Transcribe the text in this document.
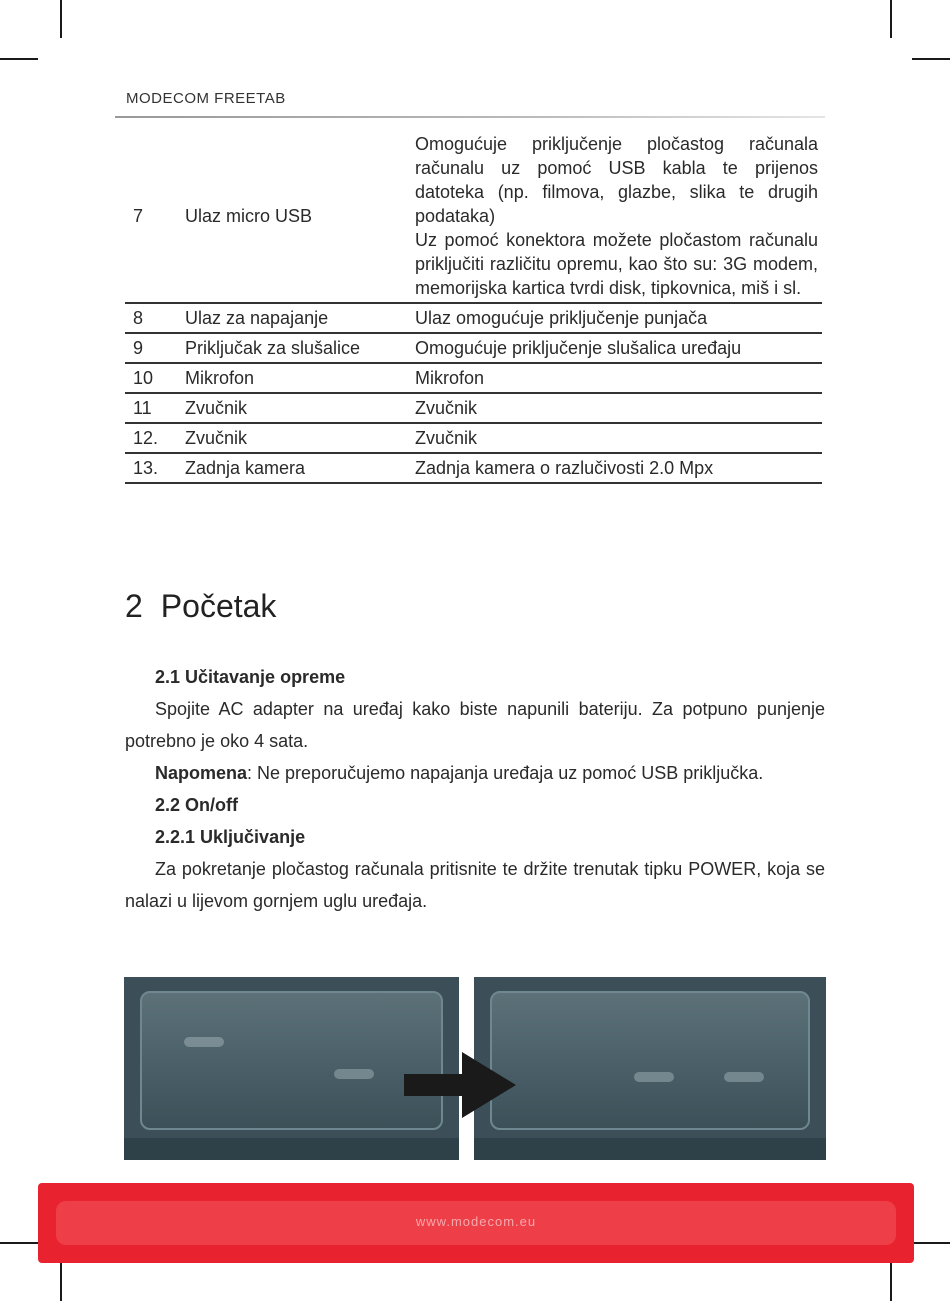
MODECOM FREETAB
7	Ulaz micro USB	Omogućuje priključenje pločastog računala računalu uz pomoć USB kabla te prijenos datoteka (np. filmova, glazbe, slika te drugih podataka)
Uz pomoć konektora možete pločastom računalu priključiti različitu opremu, kao što su: 3G modem, memorijska kartica tvrdi disk, tipkovnica, miš i sl.
8	Ulaz za napajanje	Ulaz omogućuje priključenje punjača
9	Priključak za slušalice	Omogućuje priključenje slušalica uređaju
10	Mikrofon	Mikrofon
11	Zvučnik	Zvučnik
12.	Zvučnik	Zvučnik
13.	Zadnja kamera	Zadnja kamera o razlučivosti 2.0 Mpx
2 Početak
2.1 Učitavanje opreme
Spojite AC adapter na uređaj kako biste napunili bateriju. Za potpuno punjenje potrebno je oko 4 sata.
Napomena: Ne preporučujemo napajanja uređaja uz pomoć USB priključka.
2.2 On/off
2.2.1 Uključivanje
Za pokretanje pločastog računala pritisnite te držite trenutak tipku POWER, koja se nalazi u lijevom gornjem uglu uređaja.
www.modecom.eu
